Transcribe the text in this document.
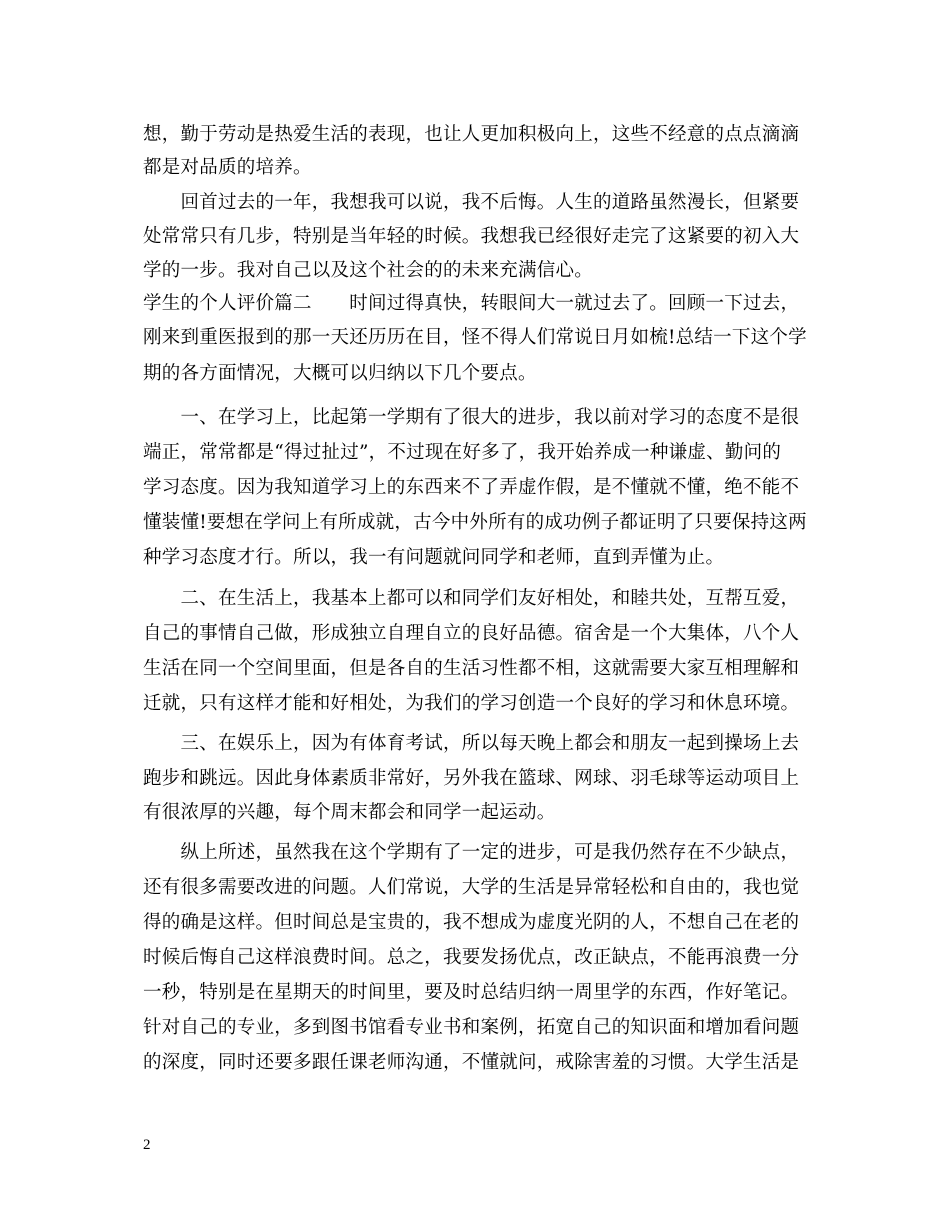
想，勤于劳动是热爱生活的表现，也让人更加积极向上，这些不经意的点点滴滴
都是对品质的培养。
　　回首过去的一年，我想我可以说，我不后悔。人生的道路虽然漫长，但紧要
处常常只有几步，特别是当年轻的时候。我想我已经很好走完了这紧要的初入大
学的一步。我对自己以及这个社会的的未来充满信心。
学生的个人评价篇二　　时间过得真快，转眼间大一就过去了。回顾一下过去，
刚来到重医报到的那一天还历历在目，怪不得人们常说日月如梳!总结一下这个学
期的各方面情况，大概可以归纳以下几个要点。
　　一、在学习上，比起第一学期有了很大的进步，我以前对学习的态度不是很
端正，常常都是“得过扯过”，不过现在好多了，我开始养成一种谦虚、勤问的
学习态度。因为我知道学习上的东西来不了弄虚作假，是不懂就不懂，绝不能不
懂装懂!要想在学问上有所成就，古今中外所有的成功例子都证明了只要保持这两
种学习态度才行。所以，我一有问题就问同学和老师，直到弄懂为止。
　　二、在生活上，我基本上都可以和同学们友好相处，和睦共处，互帮互爱，
自己的事情自己做，形成独立自理自立的良好品德。宿舍是一个大集体，八个人
生活在同一个空间里面，但是各自的生活习性都不相，这就需要大家互相理解和
迁就，只有这样才能和好相处，为我们的学习创造一个良好的学习和休息环境。
　　三、在娱乐上，因为有体育考试，所以每天晚上都会和朋友一起到操场上去
跑步和跳远。因此身体素质非常好，另外我在篮球、网球、羽毛球等运动项目上
有很浓厚的兴趣，每个周末都会和同学一起运动。
　　纵上所述，虽然我在这个学期有了一定的进步，可是我仍然存在不少缺点，
还有很多需要改进的问题。人们常说，大学的生活是异常轻松和自由的，我也觉
得的确是这样。但时间总是宝贵的，我不想成为虚度光阴的人，不想自己在老的
时候后悔自己这样浪费时间。总之，我要发扬优点，改正缺点，不能再浪费一分
一秒，特别是在星期天的时间里，要及时总结归纳一周里学的东西，作好笔记。
针对自己的专业，多到图书馆看专业书和案例，拓宽自己的知识面和增加看问题
的深度，同时还要多跟任课老师沟通，不懂就问，戒除害羞的习惯。大学生活是
2
